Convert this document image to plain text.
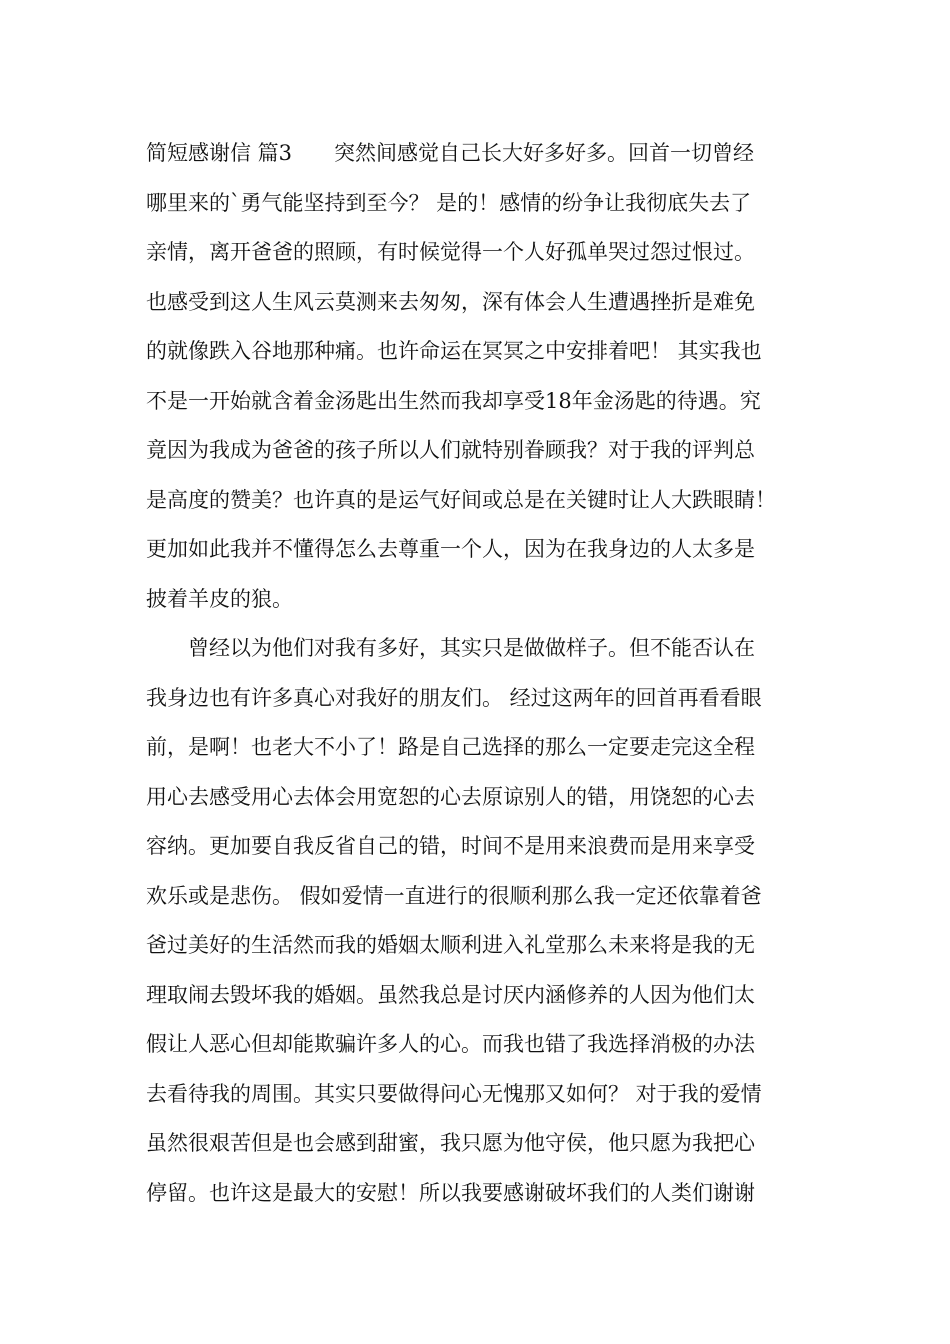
简短感谢信 篇3　　突然间感觉自己长大好多好多。回首一切曾经
哪里来的`勇气能坚持到至今？ 是的！感情的纷争让我彻底失去了
亲情，离开爸爸的照顾，有时候觉得一个人好孤单哭过怨过恨过。
也感受到这人生风云莫测来去匆匆，深有体会人生遭遇挫折是难免
的就像跌入谷地那种痛。也许命运在冥冥之中安排着吧！ 其实我也
不是一开始就含着金汤匙出生然而我却享受18年金汤匙的待遇。究
竟因为我成为爸爸的孩子所以人们就特别眷顾我？对于我的评判总
是高度的赞美？也许真的是运气好间或总是在关键时让人大跌眼睛！
更加如此我并不懂得怎么去尊重一个人，因为在我身边的人太多是
披着羊皮的狼。
　　曾经以为他们对我有多好，其实只是做做样子。但不能否认在
我身边也有许多真心对我好的朋友们。 经过这两年的回首再看看眼
前，是啊！也老大不小了！路是自己选择的那么一定要走完这全程
用心去感受用心去体会用宽恕的心去原谅别人的错，用饶恕的心去
容纳。更加要自我反省自己的错，时间不是用来浪费而是用来享受
欢乐或是悲伤。 假如爱情一直进行的很顺利那么我一定还依靠着爸
爸过美好的生活然而我的婚姻太顺利进入礼堂那么未来将是我的无
理取闹去毁坏我的婚姻。虽然我总是讨厌内涵修养的人因为他们太
假让人恶心但却能欺骗许多人的心。而我也错了我选择消极的办法
去看待我的周围。其实只要做得问心无愧那又如何？ 对于我的爱情
虽然很艰苦但是也会感到甜蜜，我只愿为他守侯，他只愿为我把心
停留。也许这是最大的安慰！所以我要感谢破坏我们的人类们谢谢
